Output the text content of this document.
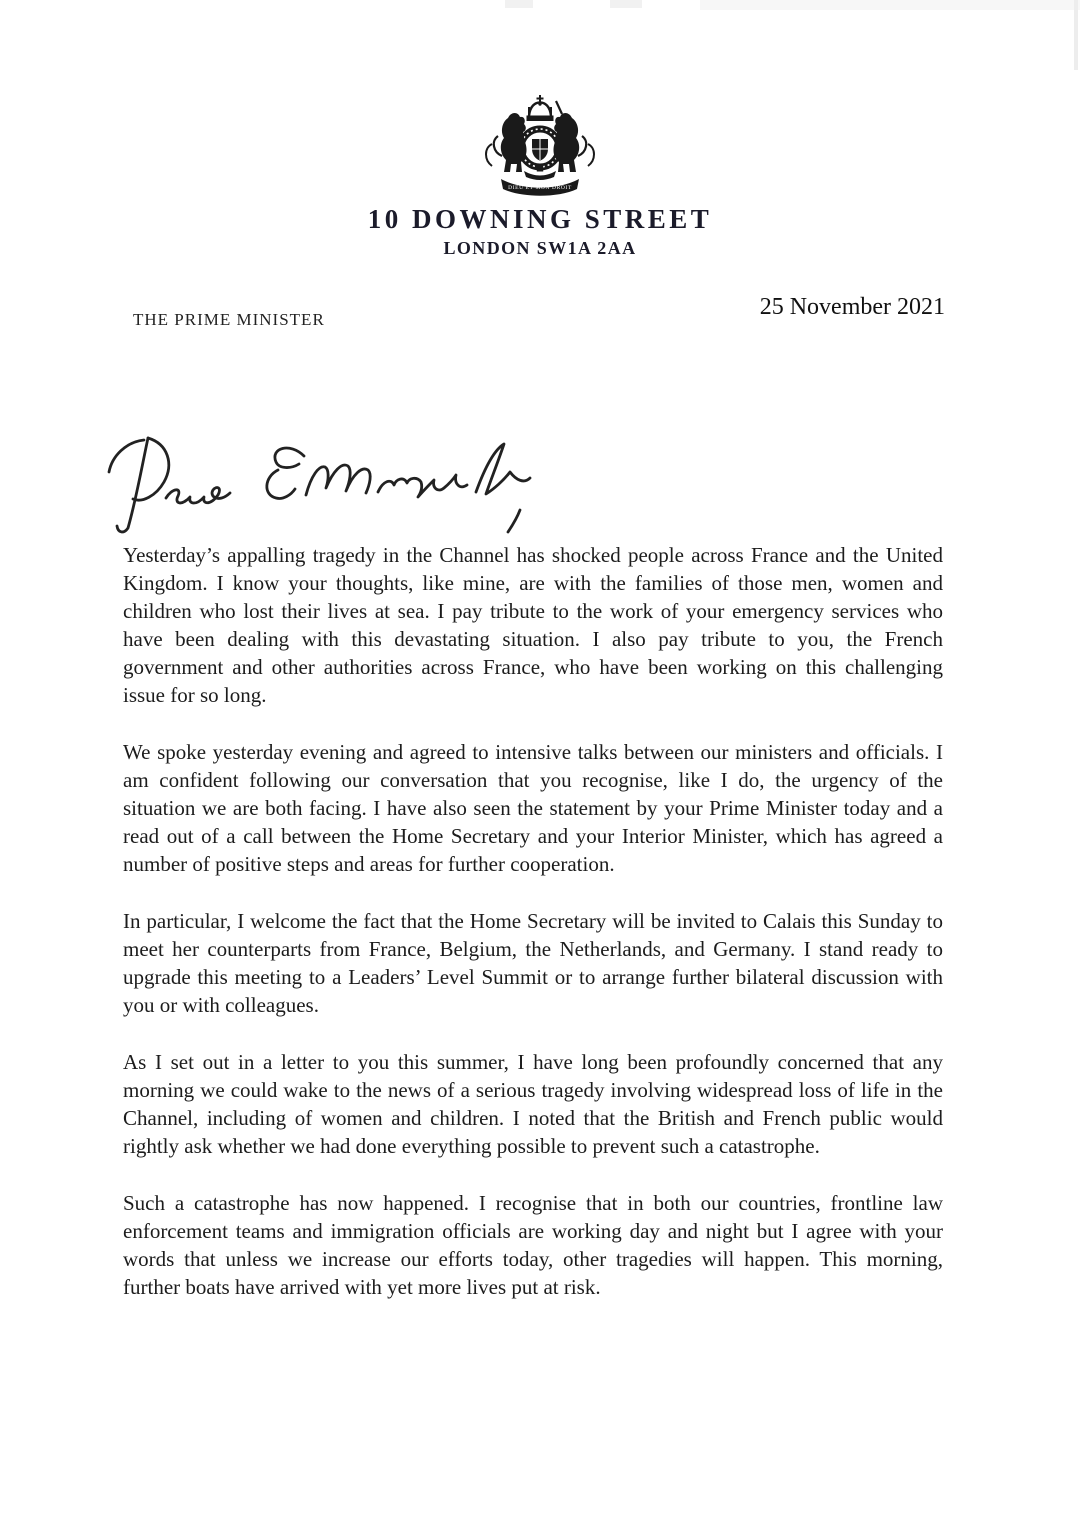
DIEU ET MON DROIT
10 DOWNING STREET
LONDON SW1A 2AA
THE PRIME MINISTER	25 November 2021

Yesterday’s appalling tragedy in the Channel has shocked people across France and the United Kingdom. I know your thoughts, like mine, are with the families of those men, women and children who lost their lives at sea. I pay tribute to the work of your emergency services who have been dealing with this devastating situation. I also pay tribute to you, the French government and other authorities across France, who have been working on this challenging issue for so long.

We spoke yesterday evening and agreed to intensive talks between our ministers and officials. I am confident following our conversation that you recognise, like I do, the urgency of the situation we are both facing. I have also seen the statement by your Prime Minister today and a read out of a call between the Home Secretary and your Interior Minister, which has agreed a number of positive steps and areas for further cooperation.

In particular, I welcome the fact that the Home Secretary will be invited to Calais this Sunday to meet her counterparts from France, Belgium, the Netherlands, and Germany. I stand ready to upgrade this meeting to a Leaders’ Level Summit or to arrange further bilateral discussion with you or with colleagues.

As I set out in a letter to you this summer, I have long been profoundly concerned that any morning we could wake to the news of a serious tragedy involving widespread loss of life in the Channel, including of women and children. I noted that the British and French public would rightly ask whether we had done everything possible to prevent such a catastrophe.

Such a catastrophe has now happened. I recognise that in both our countries, frontline law enforcement teams and immigration officials are working day and night but I agree with your words that unless we increase our efforts today, other tragedies will happen. This morning, further boats have arrived with yet more lives put at risk.
